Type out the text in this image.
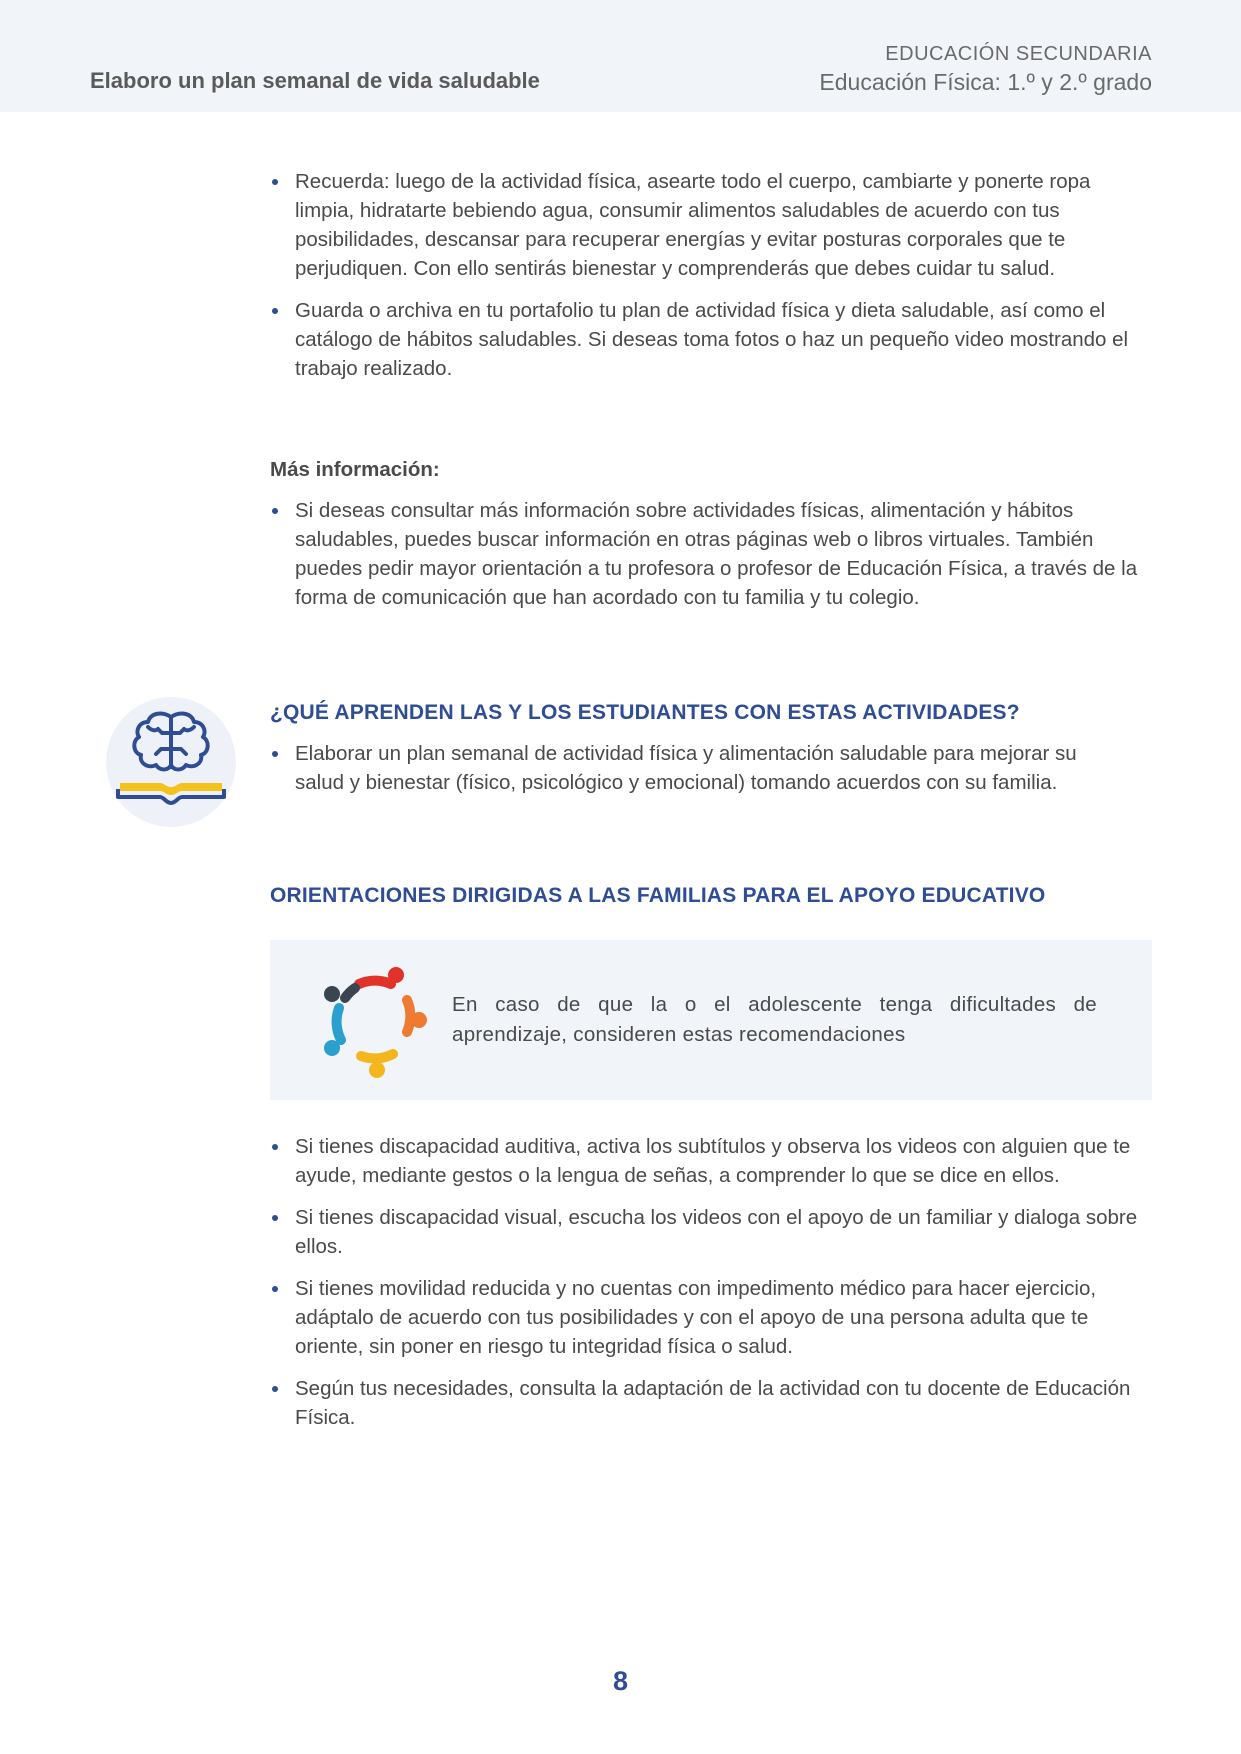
Elaboro un plan semanal de vida saludable
EDUCACIÓN SECUNDARIA
Educación Física: 1.º y 2.º grado
Recuerda: luego de la actividad física, asearte todo el cuerpo, cambiarte y ponerte ropa limpia, hidratarte bebiendo agua, consumir alimentos saludables de acuerdo con tus posibilidades, descansar para recuperar energías y evitar posturas corporales que te perjudiquen. Con ello sentirás bienestar y comprenderás que debes cuidar tu salud.
Guarda o archiva en tu portafolio tu plan de actividad física y dieta saludable, así como el catálogo de hábitos saludables. Si deseas toma fotos o haz un pequeño video mostrando el trabajo realizado.
Más información:
Si deseas consultar más información sobre actividades físicas, alimentación y hábitos saludables, puedes buscar información en otras páginas web o libros virtuales. También puedes pedir mayor orientación a tu profesora o profesor de Educación Física, a través de la forma de comunicación que han acordado con tu familia y tu colegio.
¿QUÉ APRENDEN LAS Y LOS ESTUDIANTES CON ESTAS ACTIVIDADES?
Elaborar un plan semanal de actividad física y alimentación saludable para mejorar su salud y bienestar (físico, psicológico y emocional) tomando acuerdos con su familia.
ORIENTACIONES DIRIGIDAS A LAS FAMILIAS PARA EL APOYO EDUCATIVO
En caso de que la o el adolescente tenga dificultades de aprendizaje, consideren estas recomendaciones
Si tienes discapacidad auditiva, activa los subtítulos y observa los videos con alguien que te ayude, mediante gestos o la lengua de señas, a comprender lo que se dice en ellos.
Si tienes discapacidad visual, escucha los videos con el apoyo de un familiar y dialoga sobre ellos.
Si tienes movilidad reducida y no cuentas con impedimento médico para hacer ejercicio, adáptalo de acuerdo con tus posibilidades y con el apoyo de una persona adulta que te oriente, sin poner en riesgo tu integridad física o salud.
Según tus necesidades, consulta la adaptación de la actividad con tu docente de Educación Física.
8
